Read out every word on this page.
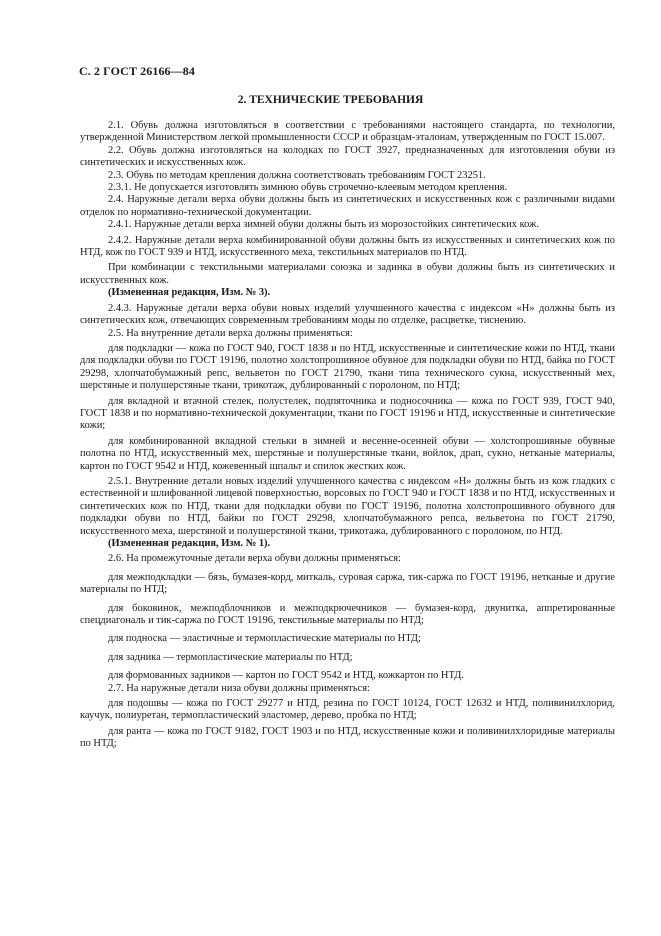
С. 2 ГОСТ 26166—84
2. ТЕХНИЧЕСКИЕ ТРЕБОВАНИЯ

2.1. Обувь должна изготовляться в соответствии с требованиями настоящего стандарта, по технологии, утвержденной Министерством легкой промышленности СССР и образцам-эталонам, утвержденным по ГОСТ 15.007.

2.2. Обувь должна изготовляться на колодках по ГОСТ 3927, предназначенных для изготовления обуви из синтетических и искусственных кож.

2.3. Обувь по методам крепления должна соответствовать требованиям ГОСТ 23251.

2.3.1. Не допускается изготовлять зимнюю обувь строчечно-клеевым методом крепления.

2.4. Наружные детали верха обуви должны быть из синтетических и искусственных кож с различными видами отделок по нормативно-технической документации.

2.4.1. Наружные детали верха зимней обуви должны быть из морозостойких синтетических кож.

2.4.2. Наружные детали верха комбинированной обуви должны быть из искусственных и синтетических кож по НТД, кож по ГОСТ 939 и НТД, искусственного меха, текстильных материалов по НТД.

При комбинации с текстильными материалами союзка и задинка в обуви должны быть из синтетических и искусственных кож.

(Измененная редакция, Изм. № 3).

2.4.3. Наружные детали верха обуви новых изделий улучшенного качества с индексом «Н» должны быть из синтетических кож, отвечающих современным требованиям моды по отделке, расцветке, тиснению.

2.5. На внутренние детали верха должны применяться:

для подкладки — кожа по ГОСТ 940, ГОСТ 1838 и по НТД, искусственные и синтетические кожи по НТД, ткани для подкладки обуви по ГОСТ 19196, полотно холстопрошивное обувное для подкладки обуви по НТД, байка по ГОСТ 29298, хлопчатобумажный репс, вельветон по ГОСТ 21790, ткани типа технического сукна, искусственный мех, шерстяные и полушерстяные ткани, трикотаж, дублированный с поролоном, по НТД;

для вкладной и втачной стелек, полустелек, подпяточника и подносочника — кожа по ГОСТ 939, ГОСТ 940, ГОСТ 1838 и по нормативно-технической документации, ткани по ГОСТ 19196 и НТД, искусственные и синтетические кожи;

для комбинированной вкладной стельки в зимней и весенне-осенней обуви — холстопрошивные обувные полотна по НТД, искусственный мех, шерстяные и полушерстяные ткани, войлок, драп, сукно, нетканые материалы, картон по ГОСТ 9542 и НТД, кожевенный шпальт и спилок жестких кож.

2.5.1. Внутренние детали новых изделий улучшенного качества с индексом «Н» должны быть из кож гладких с естественной и шлифованной лицевой поверхностью, ворсовых по ГОСТ 940 и ГОСТ 1838 и по НТД, искусственных и синтетических кож по НТД, ткани для подкладки обуви по ГОСТ 19196, полотна холстопрошивного обувного для подкладки обуви по НТД, байки по ГОСТ 29298, хлопчатобумажного репса, вельветона по ГОСТ 21790, искусственного меха, шерстяной и полушерстяной ткани, трикотажа, дублированного с поролоном, по НТД.

(Измененная редакция, Изм. № 1).

2.6. На промежуточные детали верха обуви должны применяться:

для межподкладки — бязь, бумазея-корд, миткаль, суровая саржа, тик-саржа по ГОСТ 19196, нетканые и другие материалы по НТД;

для боковинок, межподблочников и межподкрючечников — бумазея-корд, двунитка, аппретированные спецдиагональ и тик-саржа по ГОСТ 19196, текстильные материалы по НТД;

для подноска — эластичные и термопластические материалы по НТД;

для задника — термопластические материалы по НТД;

для формованных задников — картон по ГОСТ 9542 и НТД, кожкартон по НТД.

2.7. На наружные детали низа обуви должны применяться:

для подошвы — кожа по ГОСТ 29277 и НТД, резина по ГОСТ 10124, ГОСТ 12632 и НТД, поливинилхлорид, каучук, полиуретан, термопластический эластомер, дерево, пробка по НТД;

для ранта — кожа по ГОСТ 9182, ГОСТ 1903 и по НТД, искусственные кожи и поливинилхлоридные материалы по НТД;
